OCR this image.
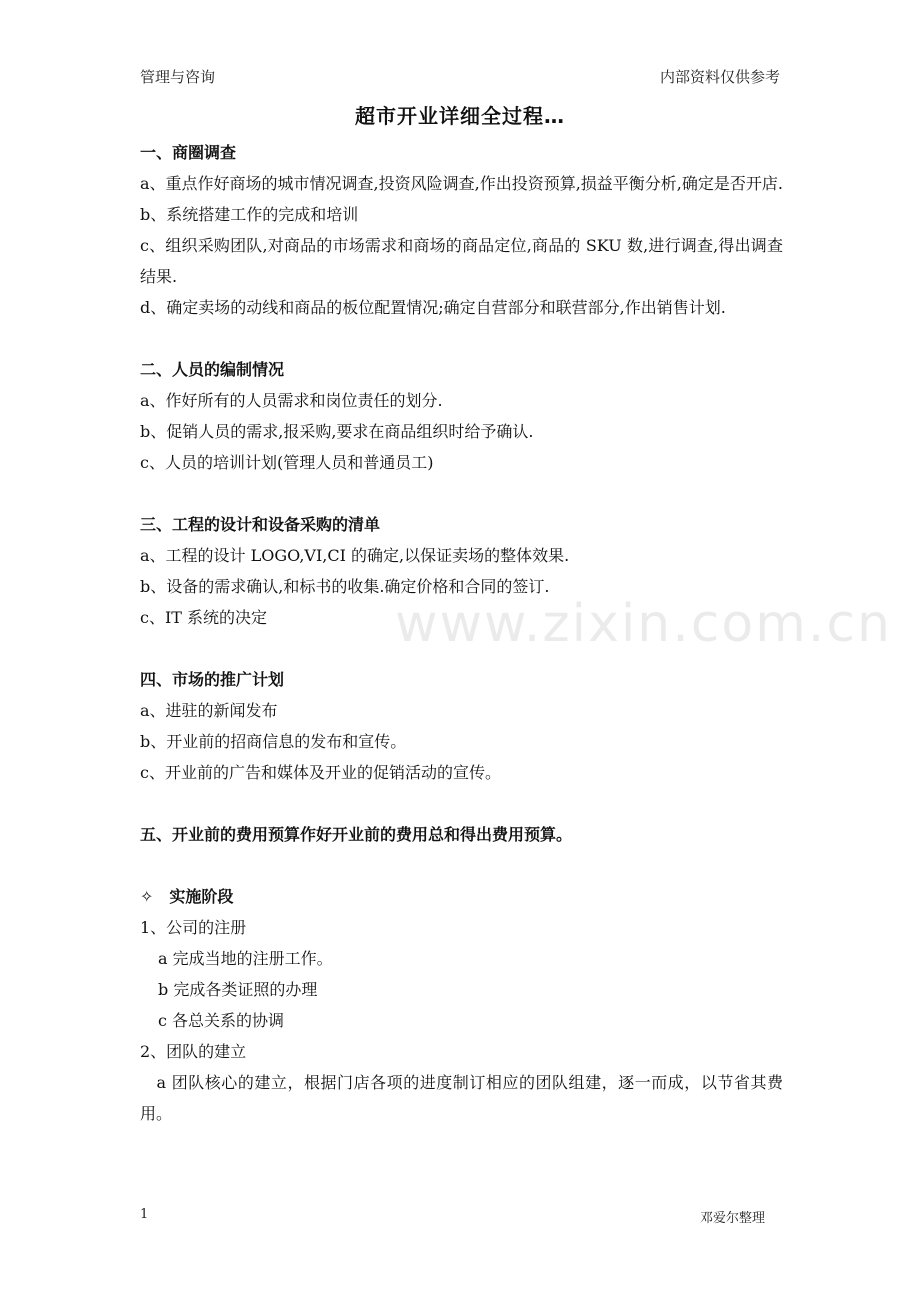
管理与咨询	内部资料仅供参考
超市开业详细全过程…

一、商圈调查

a、重点作好商场的城市情况调查,投资风险调查,作出投资预算,损益平衡分析,确定是否开店.

b、系统搭建工作的完成和培训

c、组织采购团队,对商品的市场需求和商场的商品定位,商品的 SKU 数,进行调查,得出调查结果.

d、确定卖场的动线和商品的板位配置情况;确定自营部分和联营部分,作出销售计划.

二、人员的编制情况

a、作好所有的人员需求和岗位责任的划分.

b、促销人员的需求,报采购,要求在商品组织时给予确认.

c、人员的培训计划(管理人员和普通员工)

三、工程的设计和设备采购的清单

a、工程的设计 LOGO,VI,CI 的确定,以保证卖场的整体效果.

b、设备的需求确认,和标书的收集.确定价格和合同的签订.

c、IT 系统的决定

四、市场的推广计划

a、进驻的新闻发布

b、开业前的招商信息的发布和宣传。

c、开业前的广告和媒体及开业的促销活动的宣传。

五、开业前的费用预算作好开业前的费用总和得出费用预算。

✧　实施阶段

1、公司的注册

a 完成当地的注册工作。

b 完成各类证照的办理

c 各总关系的协调

2、团队的建立

　a 团队核心的建立，根据门店各项的进度制订相应的团队组建，逐一而成，以节省其费用。

www.zixin.com.cn
1	邓爱尔整理
